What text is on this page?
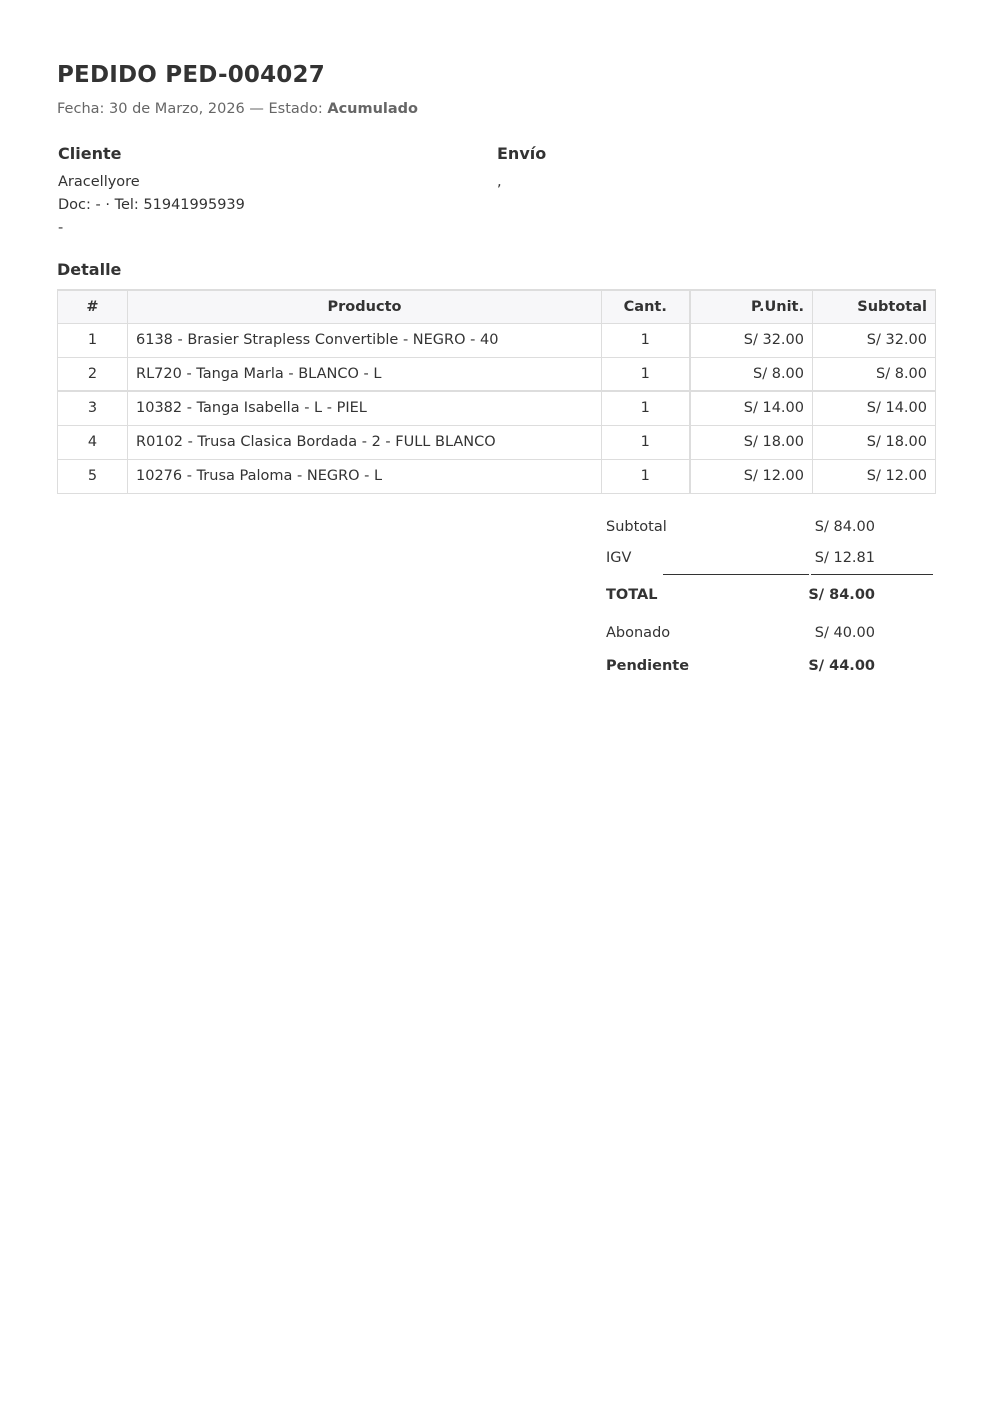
PEDIDO PED-004027
Fecha: 30 de Marzo, 2026 — Estado: Acumulado
Cliente
Aracellyore
Doc: - · Tel: 51941995939
-
Envío
,
Detalle
#	Producto	Cant.	P.Unit.	Subtotal
1	6138 - Brasier Strapless Convertible - NEGRO - 40	1	S/ 32.00	S/ 32.00
2	RL720 - Tanga Marla - BLANCO - L	1	S/ 8.00	S/ 8.00
3	10382 - Tanga Isabella - L - PIEL	1	S/ 14.00	S/ 14.00
4	R0102 - Trusa Clasica Bordada - 2 - FULL BLANCO	1	S/ 18.00	S/ 18.00
5	10276 - Trusa Paloma - NEGRO - L	1	S/ 12.00	S/ 12.00
Subtotal	S/ 84.00
IGV	S/ 12.81
TOTAL	S/ 84.00
Abonado	S/ 40.00
Pendiente	S/ 44.00
